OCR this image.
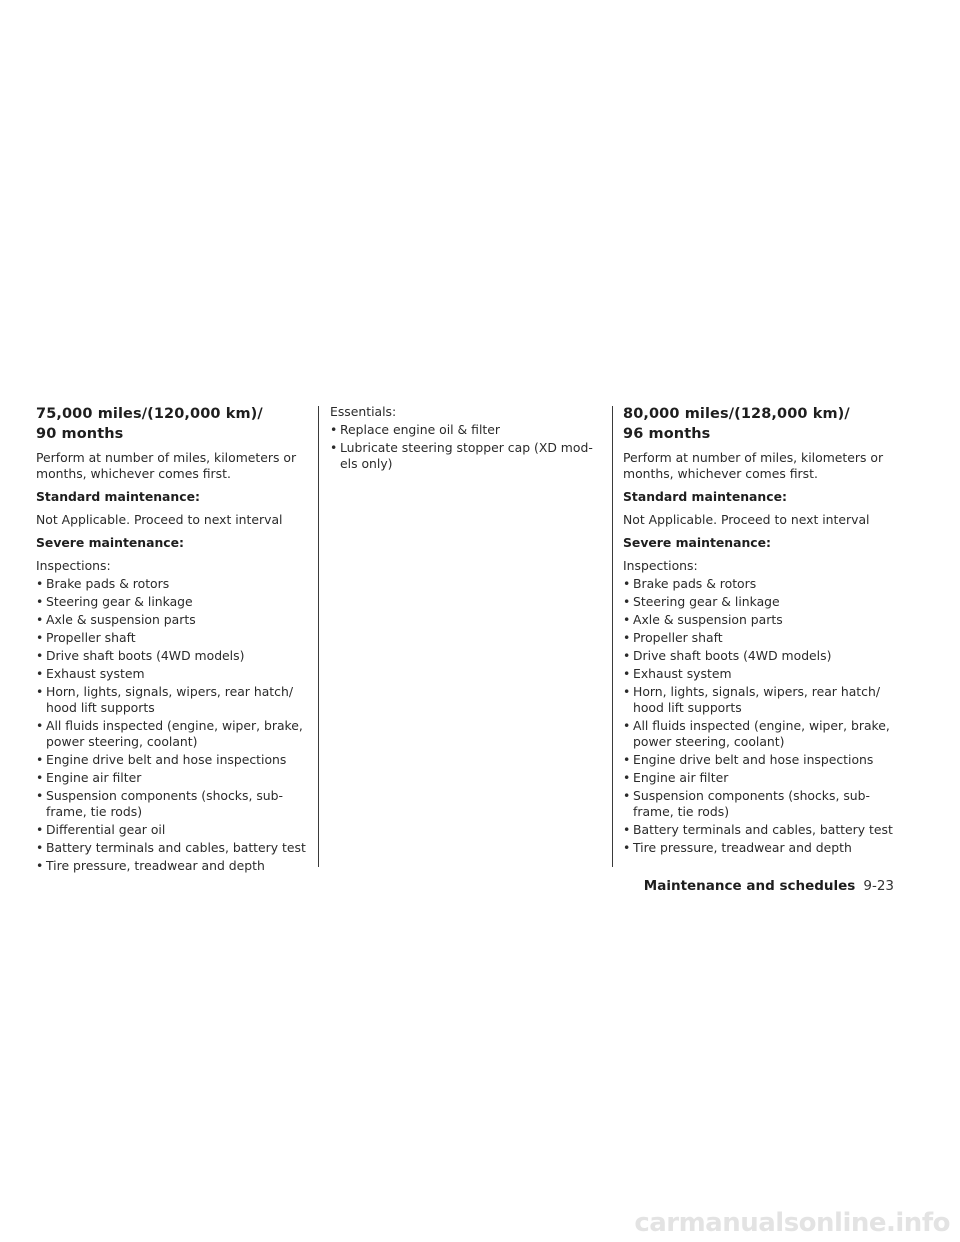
75,000 miles/(120,000 km)/
90 months

Perform at number of miles, kilometers or months, whichever comes first.

Standard maintenance:

Not Applicable. Proceed to next interval

Severe maintenance:

Inspections:

• Brake pads & rotors
• Steering gear & linkage
• Axle & suspension parts
• Propeller shaft
• Drive shaft boots (4WD models)
• Exhaust system
• Horn, lights, signals, wipers, rear hatch/ hood lift supports
• All fluids inspected (engine, wiper, brake, power steering, coolant)
• Engine drive belt and hose inspections
• Engine air filter
• Suspension components (shocks, sub- frame, tie rods)
• Differential gear oil
• Battery terminals and cables, battery test
• Tire pressure, treadwear and depth

Essentials:

• Replace engine oil & filter
• Lubricate steering stopper cap (XD mod- els only)
80,000 miles/(128,000 km)/
96 months

Perform at number of miles, kilometers or months, whichever comes first.

Standard maintenance:

Not Applicable. Proceed to next interval

Severe maintenance:

Inspections:

• Brake pads & rotors
• Steering gear & linkage
• Axle & suspension parts
• Propeller shaft
• Drive shaft boots (4WD models)
• Exhaust system
• Horn, lights, signals, wipers, rear hatch/ hood lift supports
• All fluids inspected (engine, wiper, brake, power steering, coolant)
• Engine drive belt and hose inspections
• Engine air filter
• Suspension components (shocks, sub- frame, tie rods)
• Battery terminals and cables, battery test
• Tire pressure, treadwear and depth
Maintenance and schedules 9-23
carmanualsonline.info
